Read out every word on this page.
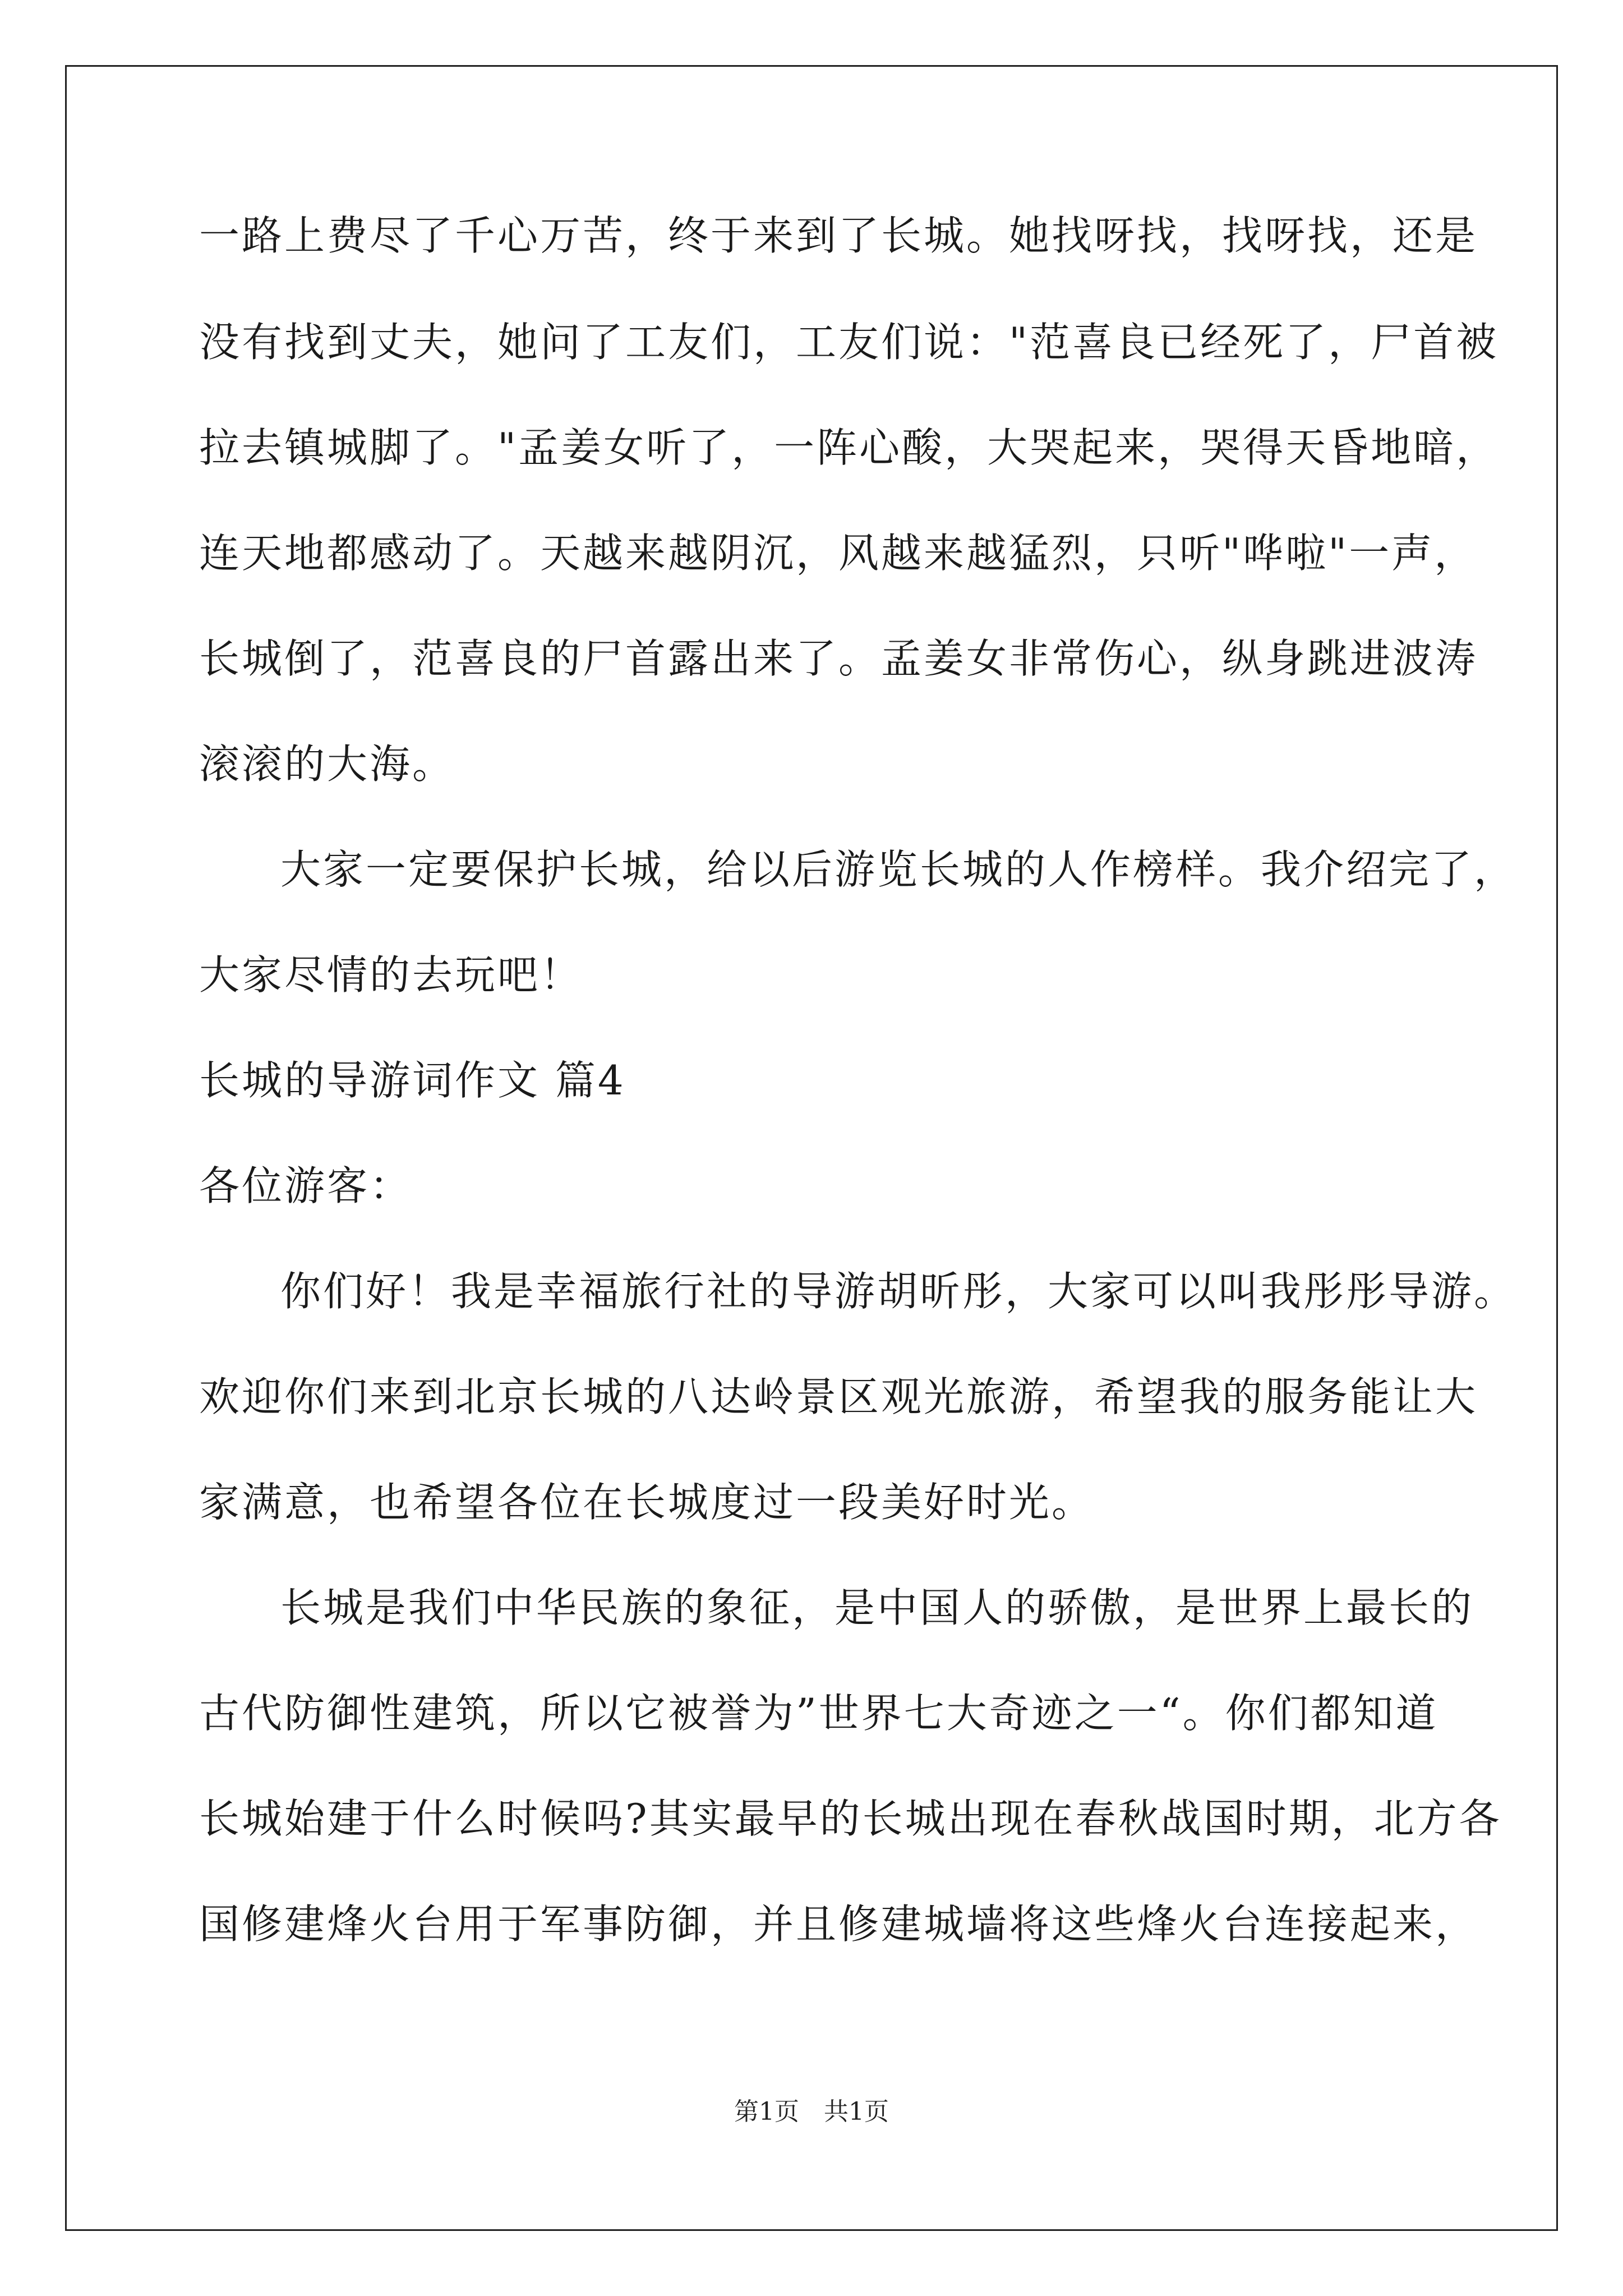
一路上费尽了千心万苦，终于来到了长城。她找呀找，找呀找，还是
没有找到丈夫，她问了工友们，工友们说："范喜良已经死了，尸首被
拉去镇城脚了。"孟姜女听了，一阵心酸，大哭起来，哭得天昏地暗，
连天地都感动了。天越来越阴沉，风越来越猛烈，只听"哗啦"一声，
长城倒了，范喜良的尸首露出来了。孟姜女非常伤心，纵身跳进波涛
滚滚的大海。
大家一定要保护长城，给以后游览长城的人作榜样。我介绍完了，
大家尽情的去玩吧！
长城的导游词作文 篇4
各位游客：
你们好！我是幸福旅行社的导游胡昕彤，大家可以叫我彤彤导游。
欢迎你们来到北京长城的八达岭景区观光旅游，希望我的服务能让大
家满意，也希望各位在长城度过一段美好时光。
长城是我们中华民族的象征，是中国人的骄傲，是世界上最长的
古代防御性建筑，所以它被誉为”世界七大奇迹之一“。你们都知道
长城始建于什么时候吗?其实最早的长城出现在春秋战国时期，北方各
国修建烽火台用于军事防御，并且修建城墙将这些烽火台连接起来，
第1页　共1页
